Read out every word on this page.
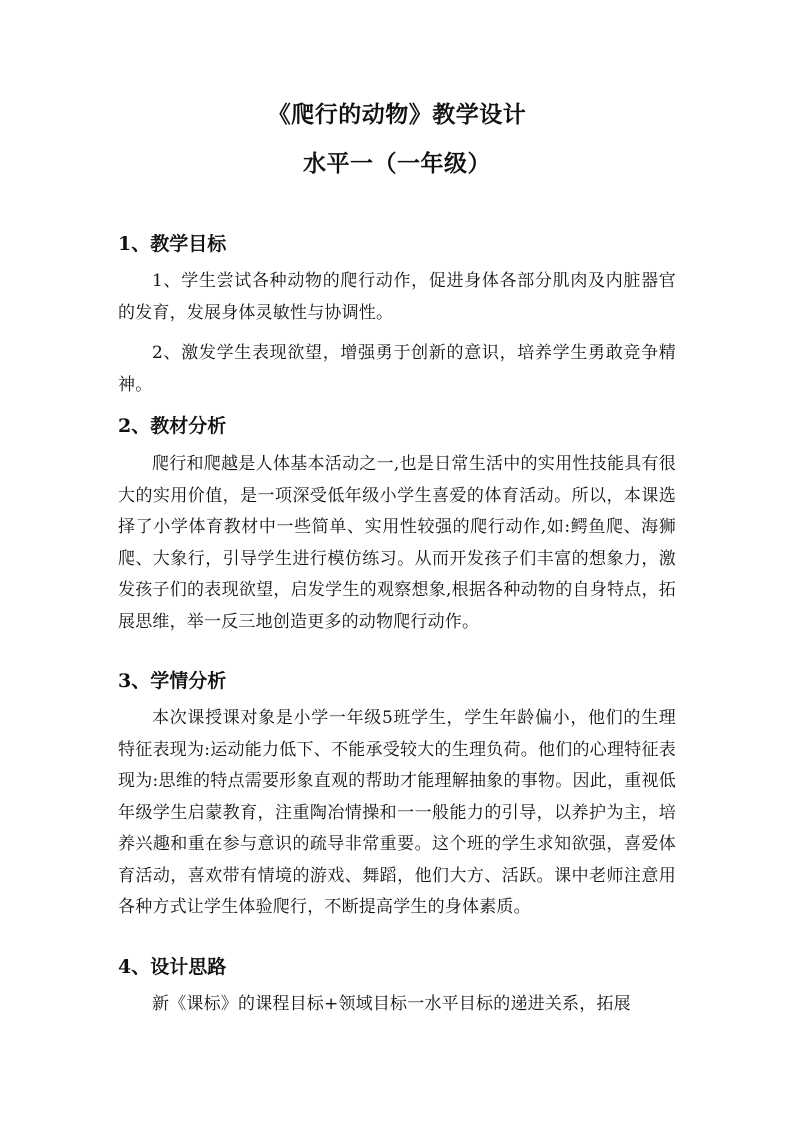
《爬行的动物》教学设计
水平一（一年级）
1、教学目标
1、学生尝试各种动物的爬行动作，促进身体各部分肌肉及内脏器官的发育，发展身体灵敏性与协调性。
2、激发学生表现欲望，增强勇于创新的意识，培养学生勇敢竞争精神。
2、教材分析
爬行和爬越是人体基本活动之一,也是日常生活中的实用性技能具有很大的实用价值，是一项深受低年级小学生喜爱的体育活动。所以，本课选择了小学体育教材中一些简单、实用性较强的爬行动作,如:鳄鱼爬、海狮爬、大象行，引导学生进行模仿练习。从而开发孩子们丰富的想象力，激发孩子们的表现欲望，启发学生的观察想象,根据各种动物的自身特点，拓展思维，举一反三地创造更多的动物爬行动作。
3、学情分析
本次课授课对象是小学一年级5班学生，学生年龄偏小，他们的生理特征表现为:运动能力低下、不能承受较大的生理负荷。他们的心理特征表现为:思维的特点需要形象直观的帮助才能理解抽象的事物。因此，重视低年级学生启蒙教育，注重陶冶情操和一一般能力的引导，以养护为主，培养兴趣和重在参与意识的疏导非常重要。这个班的学生求知欲强，喜爱体育活动，喜欢带有情境的游戏、舞蹈，他们大方、活跃。课中老师注意用各种方式让学生体验爬行，不断提高学生的身体素质。
4、设计思路
新《课标》的课程目标+领域目标一水平目标的递进关系，拓展
